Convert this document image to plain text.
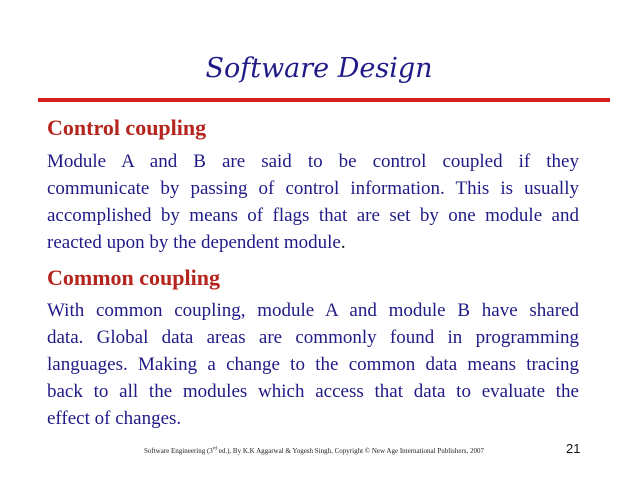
Software Design
Control coupling
Module A and B are said to be control coupled if they
communicate by passing of control information. This is usually
accomplished by means of flags that are set by one module and
reacted upon by the dependent module.
Common coupling
With common coupling, module A and module B have shared
data. Global data areas are commonly found in programming
languages. Making a change to the common data means tracing
back to all the modules which access that data to evaluate the
effect of changes.
Software Engineering (3rd ed.), By K.K Aggarwal & Yogesh Singh, Copyright © New Age International Publishers, 2007	21
